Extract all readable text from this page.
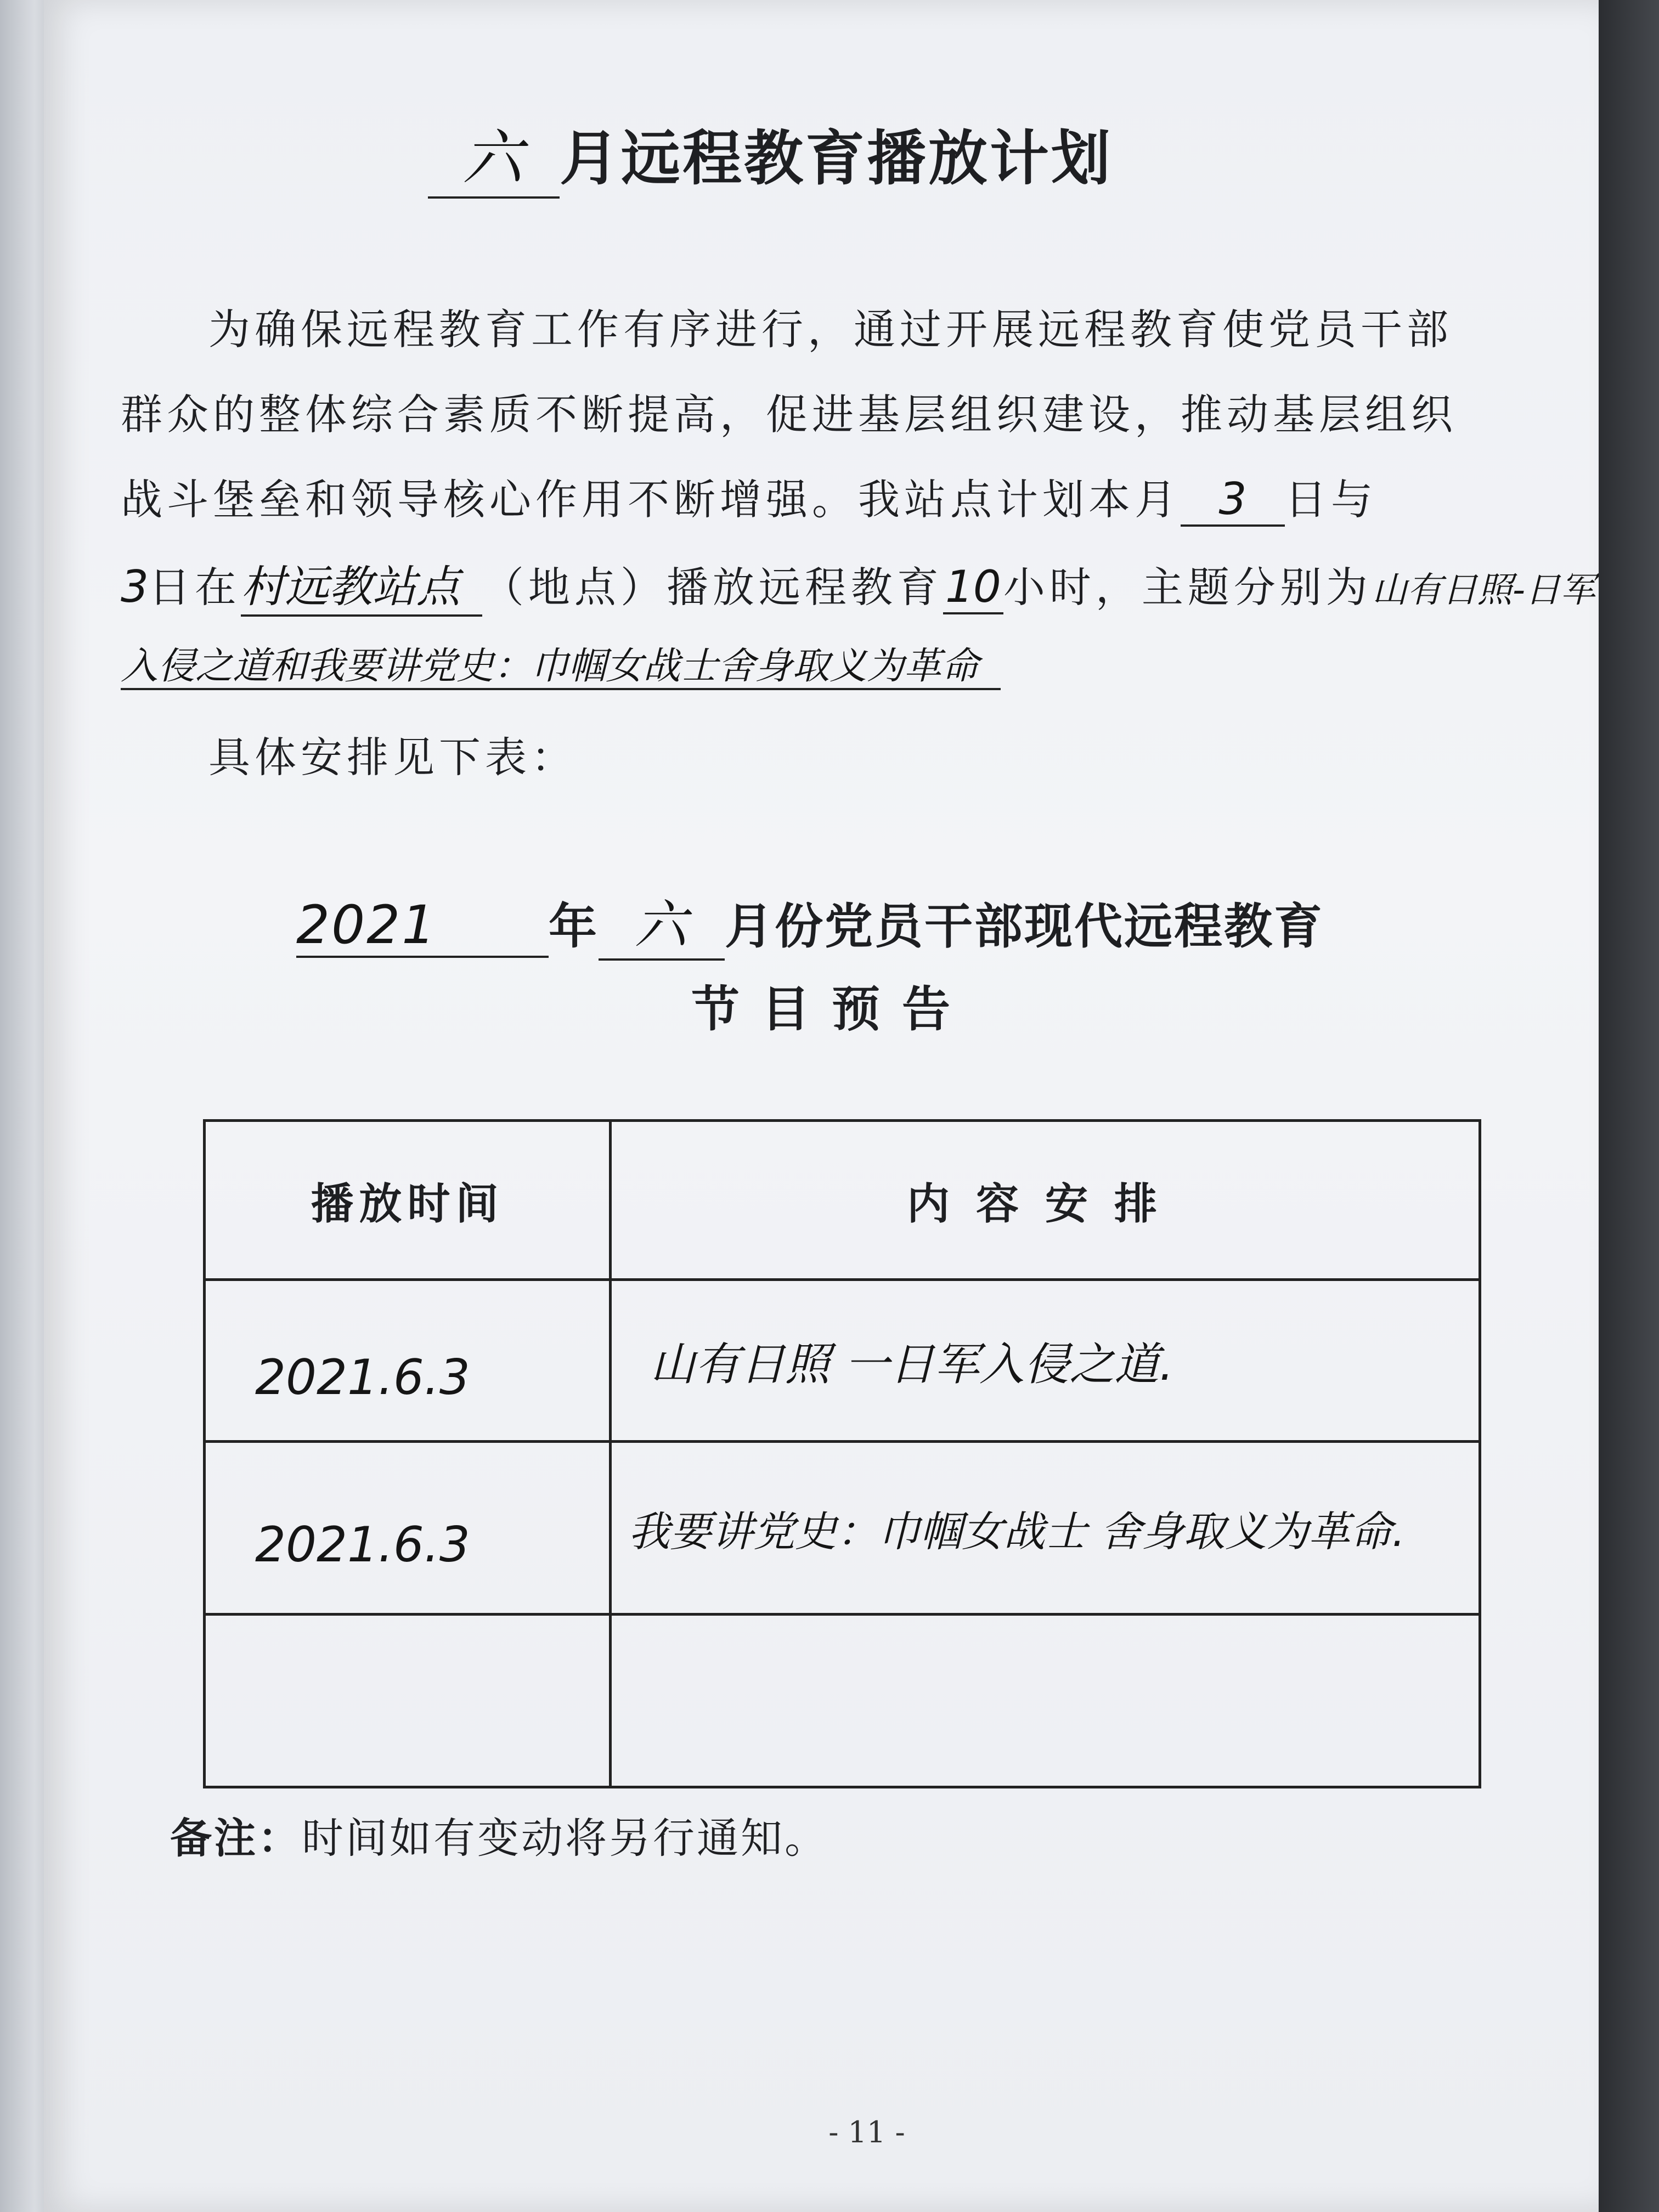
六 月远程教育播放计划
为确保远程教育工作有序进行，通过开展远程教育使党员干部
群众的整体综合素质不断提高，促进基层组织建设，推动基层组织
战斗堡垒和领导核心作用不断增强。我站点计划本月 3 日与
3日在村远教站点 （地点）播放远程教育10小时，主题分别为山有日照-日军
入侵之道和我要讲党史：巾帼女战士舍身取义为革命
具体安排见下表：
2021 年 六 月份党员干部现代远程教育
节目预告
播放时间	内容安排
2021.6.3	山有日照 一日军入侵之道.
2021.6.3	我要讲党史：巾帼女战士 舍身取义为革命.
备注：时间如有变动将另行通知。
- 11 -
